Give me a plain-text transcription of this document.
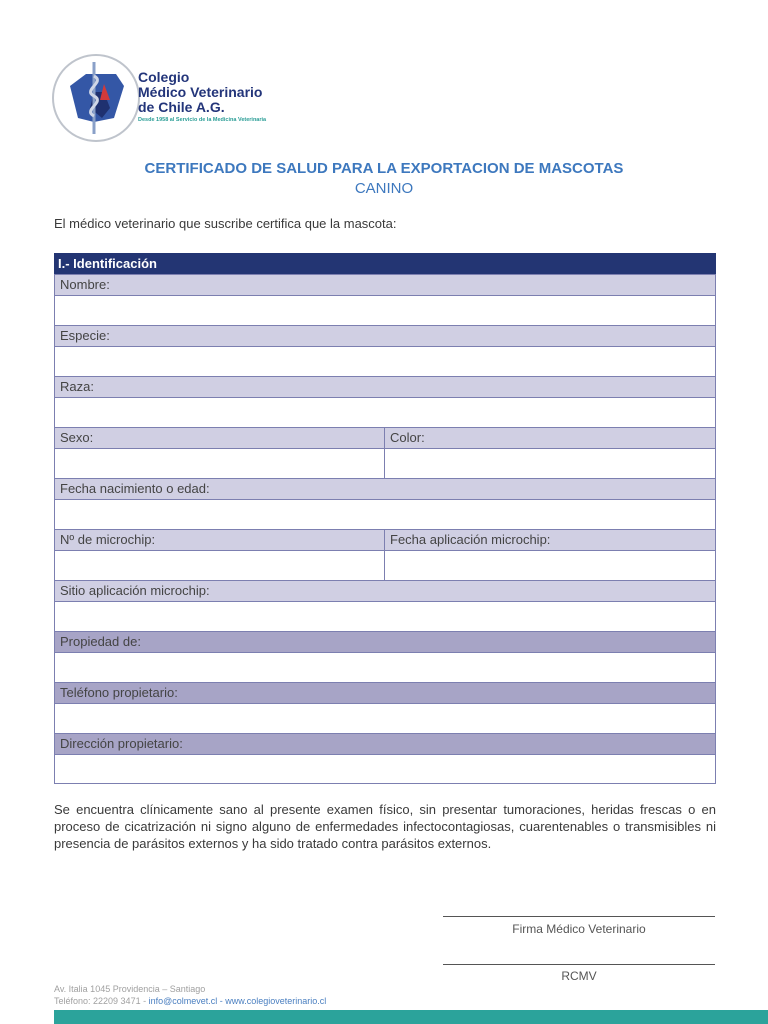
Colegio
Médico Veterinario
de Chile A.G.
Desde 1958 al Servicio de la Medicina Veterinaria
CERTIFICADO DE SALUD PARA LA EXPORTACION DE MASCOTAS
CANINO
El médico veterinario que suscribe certifica que la mascota:
I.- Identificación
Nombre:
Especie:
Raza:
Sexo:	Color:
Fecha nacimiento o edad:
Nº de microchip:	Fecha aplicación microchip:
Sitio aplicación microchip:
Propiedad de:
Teléfono propietario:
Dirección propietario:
Se encuentra clínicamente sano al presente examen físico, sin presentar tumoraciones, heridas frescas o en proceso de cicatrización ni signo alguno de enfermedades infectocontagiosas, cuarentenables o transmisibles ni presencia de parásitos externos y ha sido tratado contra parásitos externos.
Firma Médico Veterinario
RCMV
Av. Italia 1045 Providencia – Santiago
Teléfono: 22209 3471 - info@colmevet.cl - www.colegioveterinario.cl
